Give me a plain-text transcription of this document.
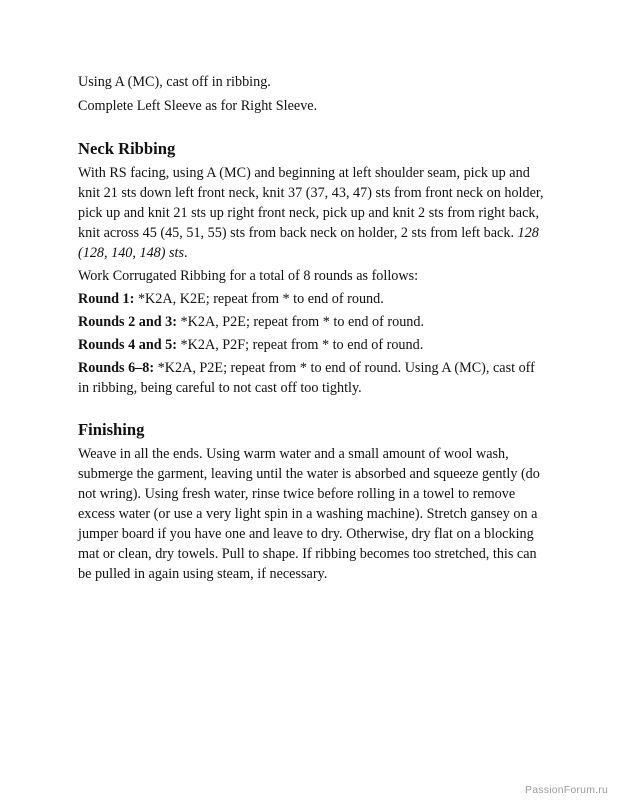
Using A (MC), cast off in ribbing.

Complete Left Sleeve as for Right Sleeve.

Neck Ribbing

With RS facing, using A (MC) and beginning at left shoulder seam, pick up and knit 21 sts down left front neck, knit 37 (37, 43, 47) sts from front neck on holder, pick up and knit 21 sts up right front neck, pick up and knit 2 sts from right back, knit across 45 (45, 51, 55) sts from back neck on holder, 2 sts from left back. 128 (128, 140, 148) sts.

Work Corrugated Ribbing for a total of 8 rounds as follows:

Round 1: *K2A, K2E; repeat from * to end of round.

Rounds 2 and 3: *K2A, P2E; repeat from * to end of round.

Rounds 4 and 5: *K2A, P2F; repeat from * to end of round.

Rounds 6–8: *K2A, P2E; repeat from * to end of round. Using A (MC), cast off in ribbing, being careful to not cast off too tightly.

Finishing

Weave in all the ends. Using warm water and a small amount of wool wash, submerge the garment, leaving until the water is absorbed and squeeze gently (do not wring). Using fresh water, rinse twice before rolling in a towel to remove excess water (or use a very light spin in a washing machine). Stretch gansey on a jumper board if you have one and leave to dry. Otherwise, dry flat on a blocking mat or clean, dry towels. Pull to shape. If ribbing becomes too stretched, this can be pulled in again using steam, if necessary.

PassionForum.ru
